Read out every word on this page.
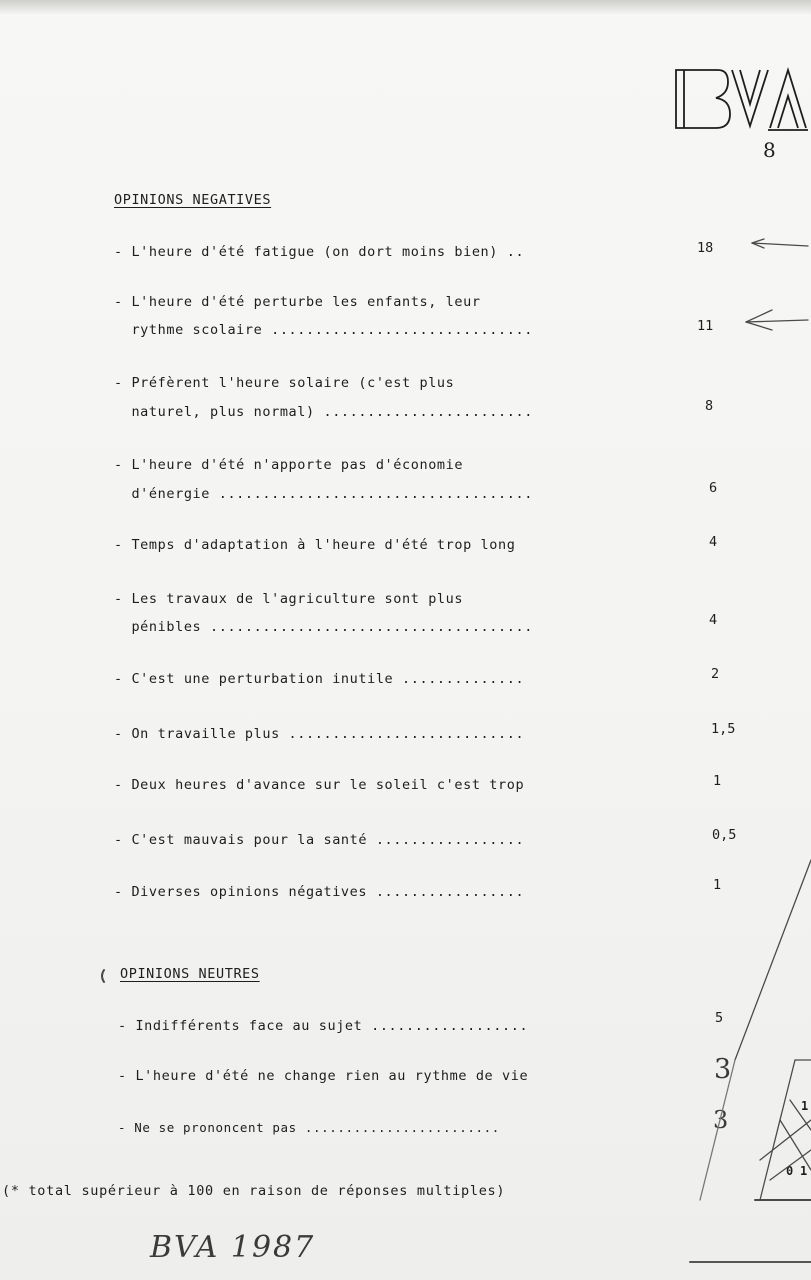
8
OPINIONS NEGATIVES
- L'heure d'été fatigue (on dort moins bien) ..	18
- L'heure d'été perturbe les enfants, leur
rythme scolaire ..............................	11
- Préfèrent l'heure solaire (c'est plus
naturel, plus normal) ........................	8
- L'heure d'été n'apporte pas d'économie
d'énergie ....................................	6
- Temps d'adaptation à l'heure d'été trop long	4
- Les travaux de l'agriculture sont plus
pénibles .....................................	4
- C'est une perturbation inutile ..............	2
- On travaille plus ...........................	1,5
- Deux heures d'avance sur le soleil c'est trop	1
- C'est mauvais pour la santé .................	0,5
- Diverses opinions négatives .................	1
OPINIONS NEUTRES
- Indifférents face au sujet ..................	5
- L'heure d'été ne change rien au rythme de vie	3
- Ne se prononcent pas ........................	3
(* total supérieur à 100 en raison de réponses multiples)
BVA 1987
1
0 1
